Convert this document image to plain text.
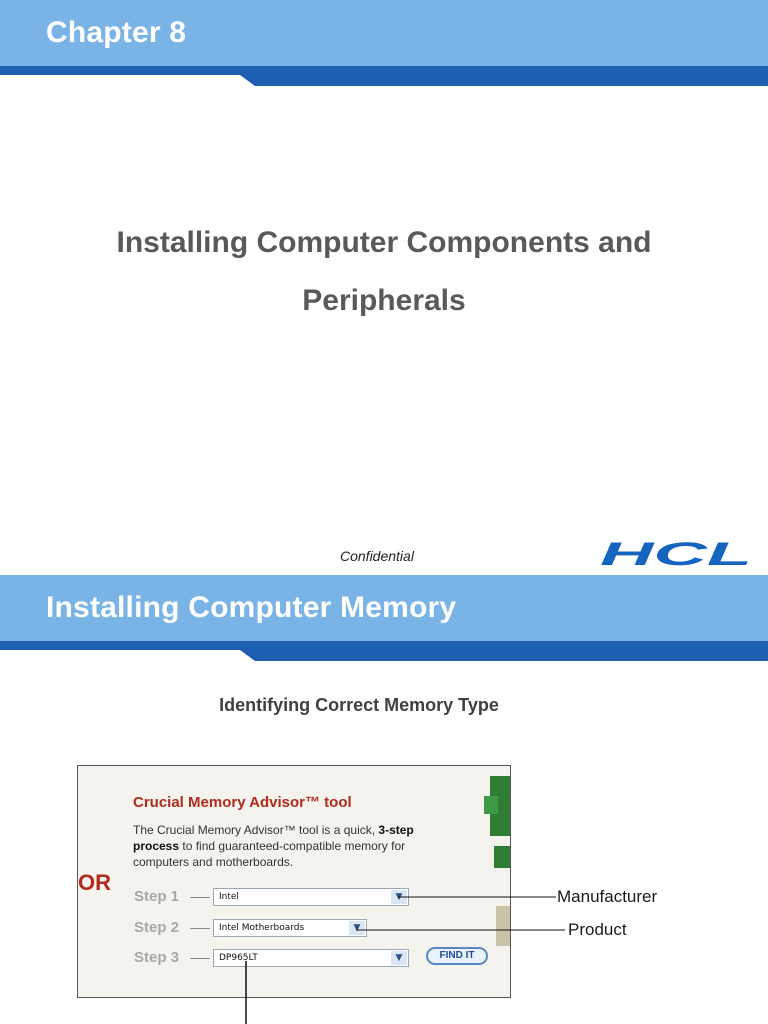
Chapter 8
Installing Computer Components and
Peripherals
Confidential	HCL
Installing Computer Memory
Identifying Correct Memory Type
Crucial Memory Advisor™ tool
The Crucial Memory Advisor™ tool is a quick, 3-step process to find guaranteed-compatible memory for computers and motherboards.
OR
Step 1	Intel	▼
Step 2	Intel Motherboards	▼
Step 3	DP965LT	▼	FIND IT
Manufacturer
Product
